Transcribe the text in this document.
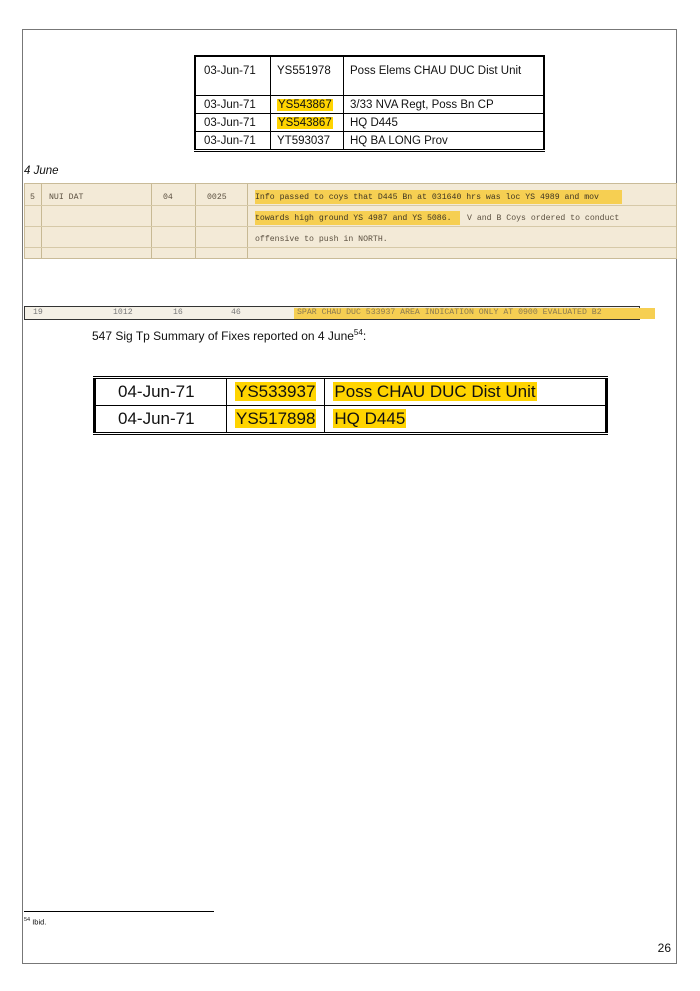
03-Jun-71	YS551978	Poss Elems CHAU DUC Dist Unit
03-Jun-71	YS543867	3/33 NVA Regt, Poss Bn CP
03-Jun-71	YS543867	HQ D445
03-Jun-71	YT593037	HQ BA LONG Prov
4 June
5 NUI DAT	04	0025	Info passed to coys that D445 Bn at 031640 hrs was loc YS 4989 and mov
towards high ground YS 4987 and YS 5086. V and B Coys ordered to conduct
offensive to push in NORTH.
19	1012	16	46	SPAR CHAU DUC 533937 AREA INDICATION ONLY AT 0900 EVALUATED B2
547 Sig Tp Summary of Fixes reported on 4 June$^{54}$:
04-Jun-71	YS533937	Poss CHAU DUC Dist Unit
04-Jun-71	YS517898	HQ D445
$^{54}$ Ibid.
26
